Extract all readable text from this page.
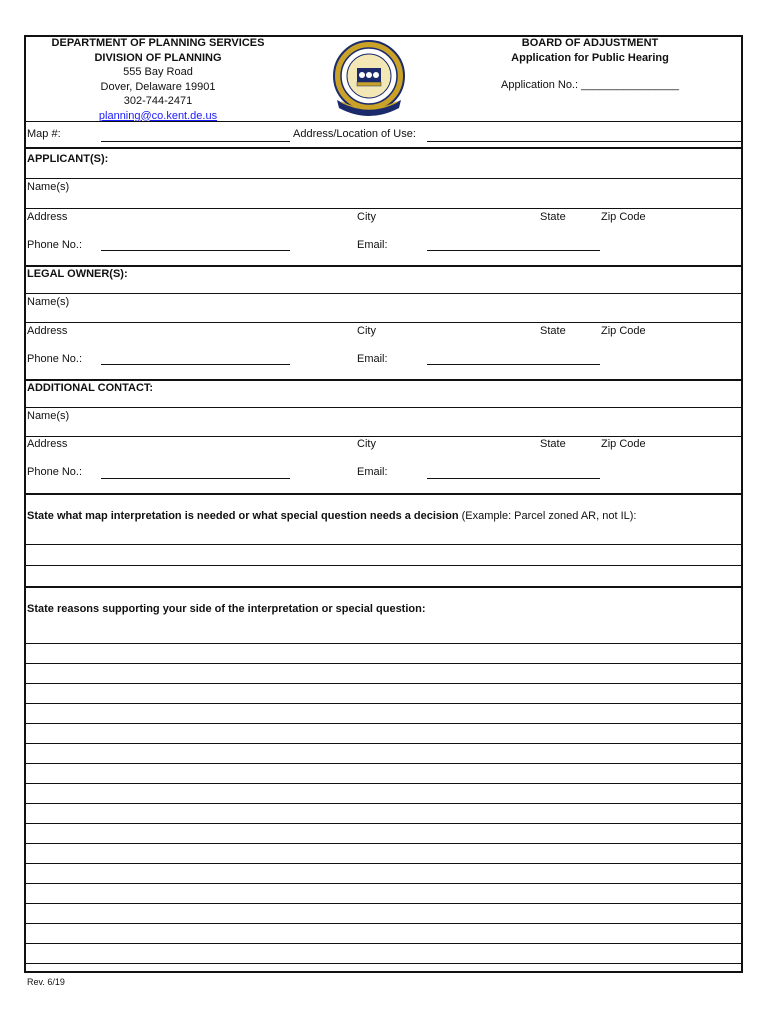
DEPARTMENT OF PLANNING SERVICES
DIVISION OF PLANNING
555 Bay Road
Dover, Delaware 19901
302-744-2471
planning@co.kent.de.us
BOARD OF ADJUSTMENT
Application for Public Hearing
Application No.: ________________
Map #:	Address/Location of Use:
APPLICANT(S):
Name(s)
Address	City	State	Zip Code
Phone No.:	Email:
LEGAL OWNER(S):
Name(s)
Address	City	State	Zip Code
Phone No.:	Email:
ADDITIONAL CONTACT:
Name(s)
Address	City	State	Zip Code
Phone No.:	Email:
State what map interpretation is needed or what special question needs a decision (Example: Parcel zoned AR, not IL):
State reasons supporting your side of the interpretation or special question:
Rev. 6/19
